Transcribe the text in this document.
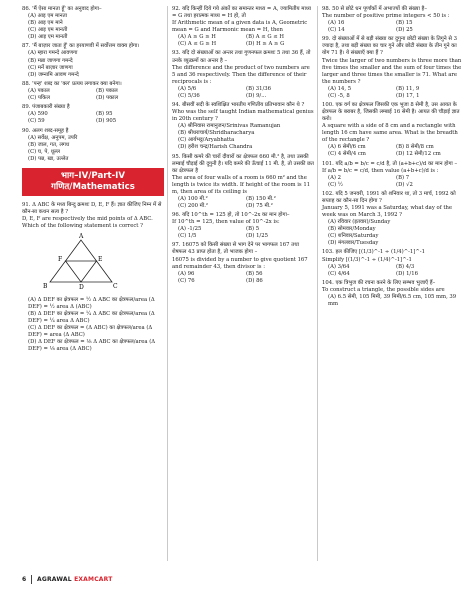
86. 'मैं ऐसा मानता हूँ' का अनुवाद होगा–
(A) आइ एम मानता
(B) आइ एम माने
(C) आइ एम मानती
(D) आइ एम मानती
87. 'मैं बाज़ार जाता हूँ' का हरयाणवी में सर्वोत्तम वाक्य होगा।
(A) म्हारा गमन्दे आवणगा
(B) मन्ना जाणगा गमन्दे
(C) मर्ने बाज़ार जाणगा
(D) जम्नामि आवण गमन्दे
88. 'पन्ह' शब्द का 'क्ल' प्रत्यय लगाकर क्या बनेगा।
(A) पकाल	(B) पकाल
(C) पकिल	(D) पकाल
89. पंजाबकारी संख्या है
(A) 590	(B) 95
(C) 59	(D) 905
90. अलग शब्द-समूह है
(A) सर्वेक्ष, अनुपम, उपरि
(B) जाल, गत, लगध
(C) घ, पे, धूल्ल
(D) पन्न, खा, उल्लेत
भाग–IV/Part-IV
गणित/Mathematics
91. Δ ABC के मध्य बिन्दु क्रमशः D, E, F हैं। ज्ञात कीजिए निम्न में से कौन-सा कथन सत्य है ?
D, E, F are respectively the mid points of Δ ABC. Which of the following statement is correct ?
A
B	C
D
E
F
(A) Δ DEF का क्षेत्रफल = ½ Δ ABC का क्षेत्रफल/area (Δ DEF) = ½ area Δ (ABC)
(B) Δ DEF का क्षेत्रफल = ¼ Δ ABC का क्षेत्रफल/area (Δ DEF) = ¼ area Δ ABC)
(C) Δ DEF का क्षेत्रफल = (Δ ABC) का क्षेत्रफल/area (Δ DEF) = area (Δ ABC)
(D) Δ DEF का क्षेत्रफल = ⅛ Δ ABC का क्षेत्रफल/area (Δ DEF) = ⅛ area (Δ ABC)
92. यदि किन्हीं दिये गये अंकों का समान्तर माध्य = A, ज्यामितीय माध्य = G तथा हरात्मक माध्य = H हो, तो
If Arithmetic mean of a given data is A, Geometric mean = G and Harmonic mean = H, then
(A) A ≥ G ≥ H	(B) A ≤ G ≤ H
(C) A ≤ G ≥ H	(D) H ≥ A ≥ G
93. यदि दो संख्याओं का अन्तर तथा गुणनफल क्रमशः 5 तथा 36 हैं, तो उनके व्युत्क्रमों का अन्तर है –
The difference and the product of two numbers are 5 and 36 respectively. Then the difference of their reciprocals is :
(A) 5/6	(B) 31/36
(C) 5/36	(D) 9/...
94. बीसवीं सदी के स्वशिक्षित भारतीय गणितीय प्रतिभावान कौन थे ?
Who was the self taught Indian mathematical genius in 20th century ?
(A) श्रीनिवास रामानुजन/Srinivas Ramanujan
(B) श्रीधराचार्य/Shridharacharya
(C) आर्यभट्ट/Aryabhatta
(D) हरीश चन्द्र/Harish Chandra
95. किसी कमरे की चारों दीवारों का क्षेत्रफल 660 मी.² है, तथा उसकी लम्बाई चौड़ाई की दुगुनी है। यदि कमरे की ऊँचाई 11 मी. है, तो उसकी छत का क्षेत्रफल है
The area of four walls of a room is 660 m² and the length is twice its width. If height of the room is 11 m, then area of its ceiling is
(A) 100 मी.²	(B) 150 मी.²
(C) 200 मी.²	(D) 75 मी.²
96. यदि 10^th = 125 हो, तो 10^-2x का मान होगा–
If 10^th = 125, then value of 10^-2x is:
(A) -1/25	(B) 5
(C) 1/5	(D) 1/25
97. 16075 को किसी संख्या से भाग देने पर भागफल 167 तथा शेषफल 43 प्राप्त होता है, तो भाजक होगा –
16075 is divided by a number to give quotient 167 and remainder 43, then divisor is :
(A) 96	(B) 56
(C) 76	(D) 86
98. 50 से छोटे धन पूर्णांकों में अभाज्यों की संख्या है–
The number of positive prime integers < 50 is :
(A) 16	(B) 15
(C) 14	(D) 25
99. दो संख्याओं में से बड़ी संख्या का दुगुना छोटी संख्या के तिगुने से 3 ज्यादा है, तथा बड़ी संख्या का चार गुने और छोटी संख्या के तीन गुने का योग 71 है। ये संख्याएँ क्या हैं ?
Twice the larger of two numbers is three more than five times the smaller and the sum of four times the larger and three times the smaller is 71. What are the numbers ?
(A) 14, 5	(B) 11, 9
(C) -5, 8	(D) 17, 1
100. एक वर्ग का क्षेत्रफल जिसकी एक भुजा 8 सेमी है, उस आयत के क्षेत्रफल के बराबर है, जिसकी लम्बाई 16 सेमी है। आयत की चौड़ाई ज्ञात करो।
A square with a side of 8 cm and a rectangle with length 16 cm have same area. What is the breadth of the rectangle ?
(A) 6 सेमी/6 cm	(B) 8 सेमी/8 cm
(C) 4 सेमी/4 cm	(D) 12 सेमी/12 cm
101. यदि a/b = b/c = c/d है, तो (a+b+c)/d का मान होगा –
If a/b = b/c = c/d, then value (a+b+c)/d is :
(A) 2	(B) 7
(C) ½	(D) √2
102. यदि 5 जनवरी, 1991 को शनिवार था, तो 3 मार्च, 1992 को सप्ताह का कौन-सा दिन होगा ?
January 5, 1991 was a Saturday, what day of the week was on March 3, 1992 ?
(A) रविवार (इतवार)/Sunday
(B) सोमवार/Monday
(C) शनिवार/Saturday
(D) मंगलवार/Tuesday
103. हल कीजिए [(1/3)^-1 ÷ (1/4)^-1]^-1
Simplify [(1/3)^-1 ÷ (1/4)^-1]^-1
(A) 3/64	(B) 4/3
(C) 4/64	(D) 1/16
104. एक त्रिभुज की रचना करने के लिए सम्भव भुजाएँ हैं–
To construct a triangle, the possible sides are
(A) 6.5 सेमी, 105 मिमी, 39 मिमी/6.5 cm, 105 mm, 39 mm
6 AGRAWAL EXAMCART
